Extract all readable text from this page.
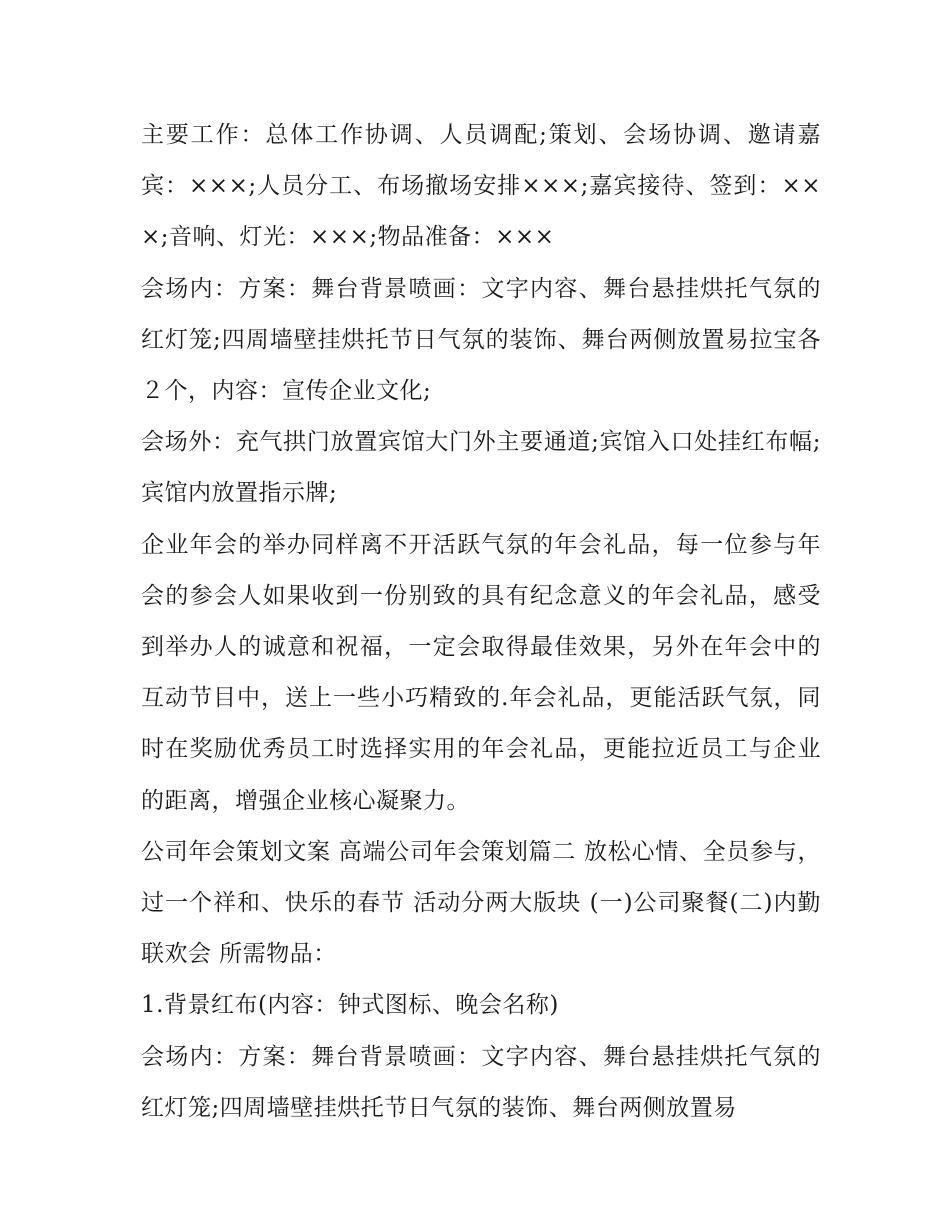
主要工作：总体工作协调、人员调配;策划、会场协调、邀请嘉宾：×××;人员分工、布场撤场安排×××;嘉宾接待、签到：×××;音响、灯光：×××;物品准备：×××

会场内：方案：舞台背景喷画：文字内容、舞台悬挂烘托气氛的红灯笼;四周墙壁挂烘托节日气氛的装饰、舞台两侧放置易拉宝各２个，内容：宣传企业文化;

会场外：充气拱门放置宾馆大门外主要通道;宾馆入口处挂红布幅;宾馆内放置指示牌;

企业年会的举办同样离不开活跃气氛的年会礼品，每一位参与年会的参会人如果收到一份别致的具有纪念意义的年会礼品，感受到举办人的诚意和祝福，一定会取得最佳效果，另外在年会中的互动节目中，送上一些小巧精致的.年会礼品，更能活跃气氛，同时在奖励优秀员工时选择实用的年会礼品，更能拉近员工与企业的距离，增强企业核心凝聚力。

公司年会策划文案 高端公司年会策划篇二 放松心情、全员参与，过一个祥和、快乐的春节 活动分两大版块 (一)公司聚餐(二)内勤联欢会 所需物品：

1.背景红布(内容：钟式图标、晚会名称)

会场内：方案：舞台背景喷画：文字内容、舞台悬挂烘托气氛的红灯笼;四周墙壁挂烘托节日气氛的装饰、舞台两侧放置易
